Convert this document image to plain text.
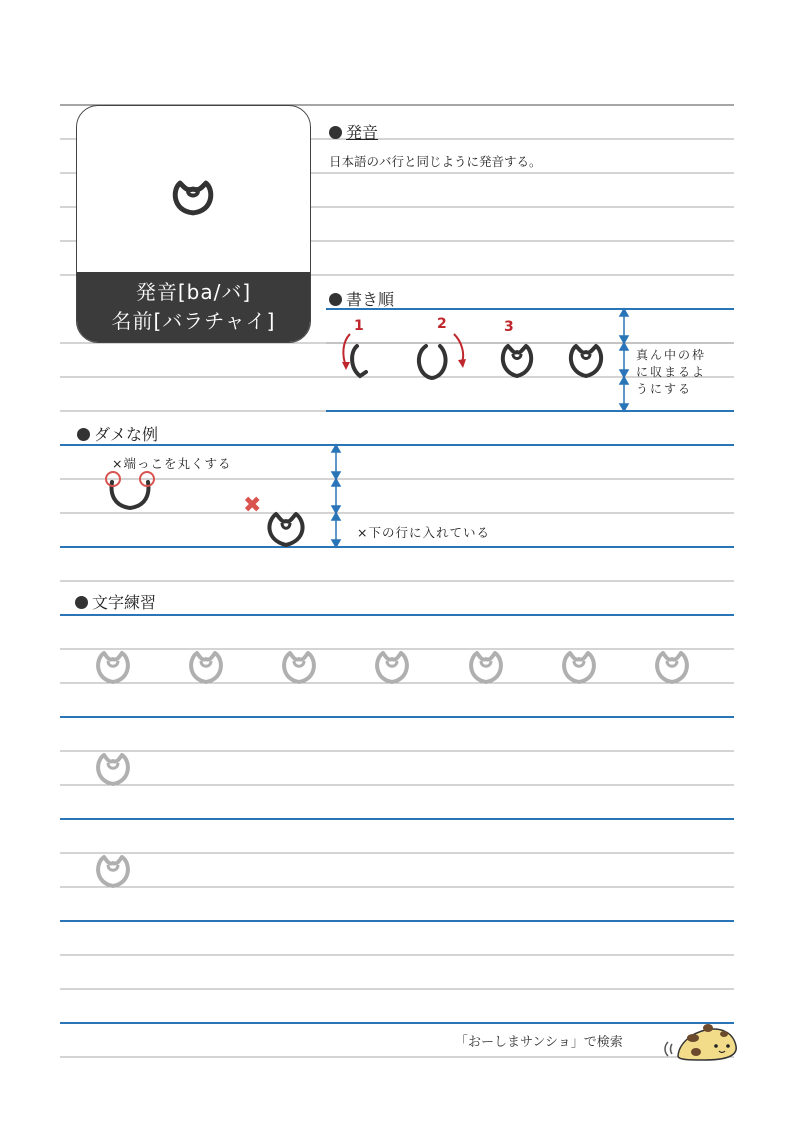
発音[ba/バ]
名前[バラチャイ]
発音
日本語のバ行と同じように発音する。
書き順
1	2	3
真ん中の枠に収まるようにする
ダメな例
×端っこを丸くする
×下の行に入れている
✖
文字練習
「おーしまサンショ」で検索
